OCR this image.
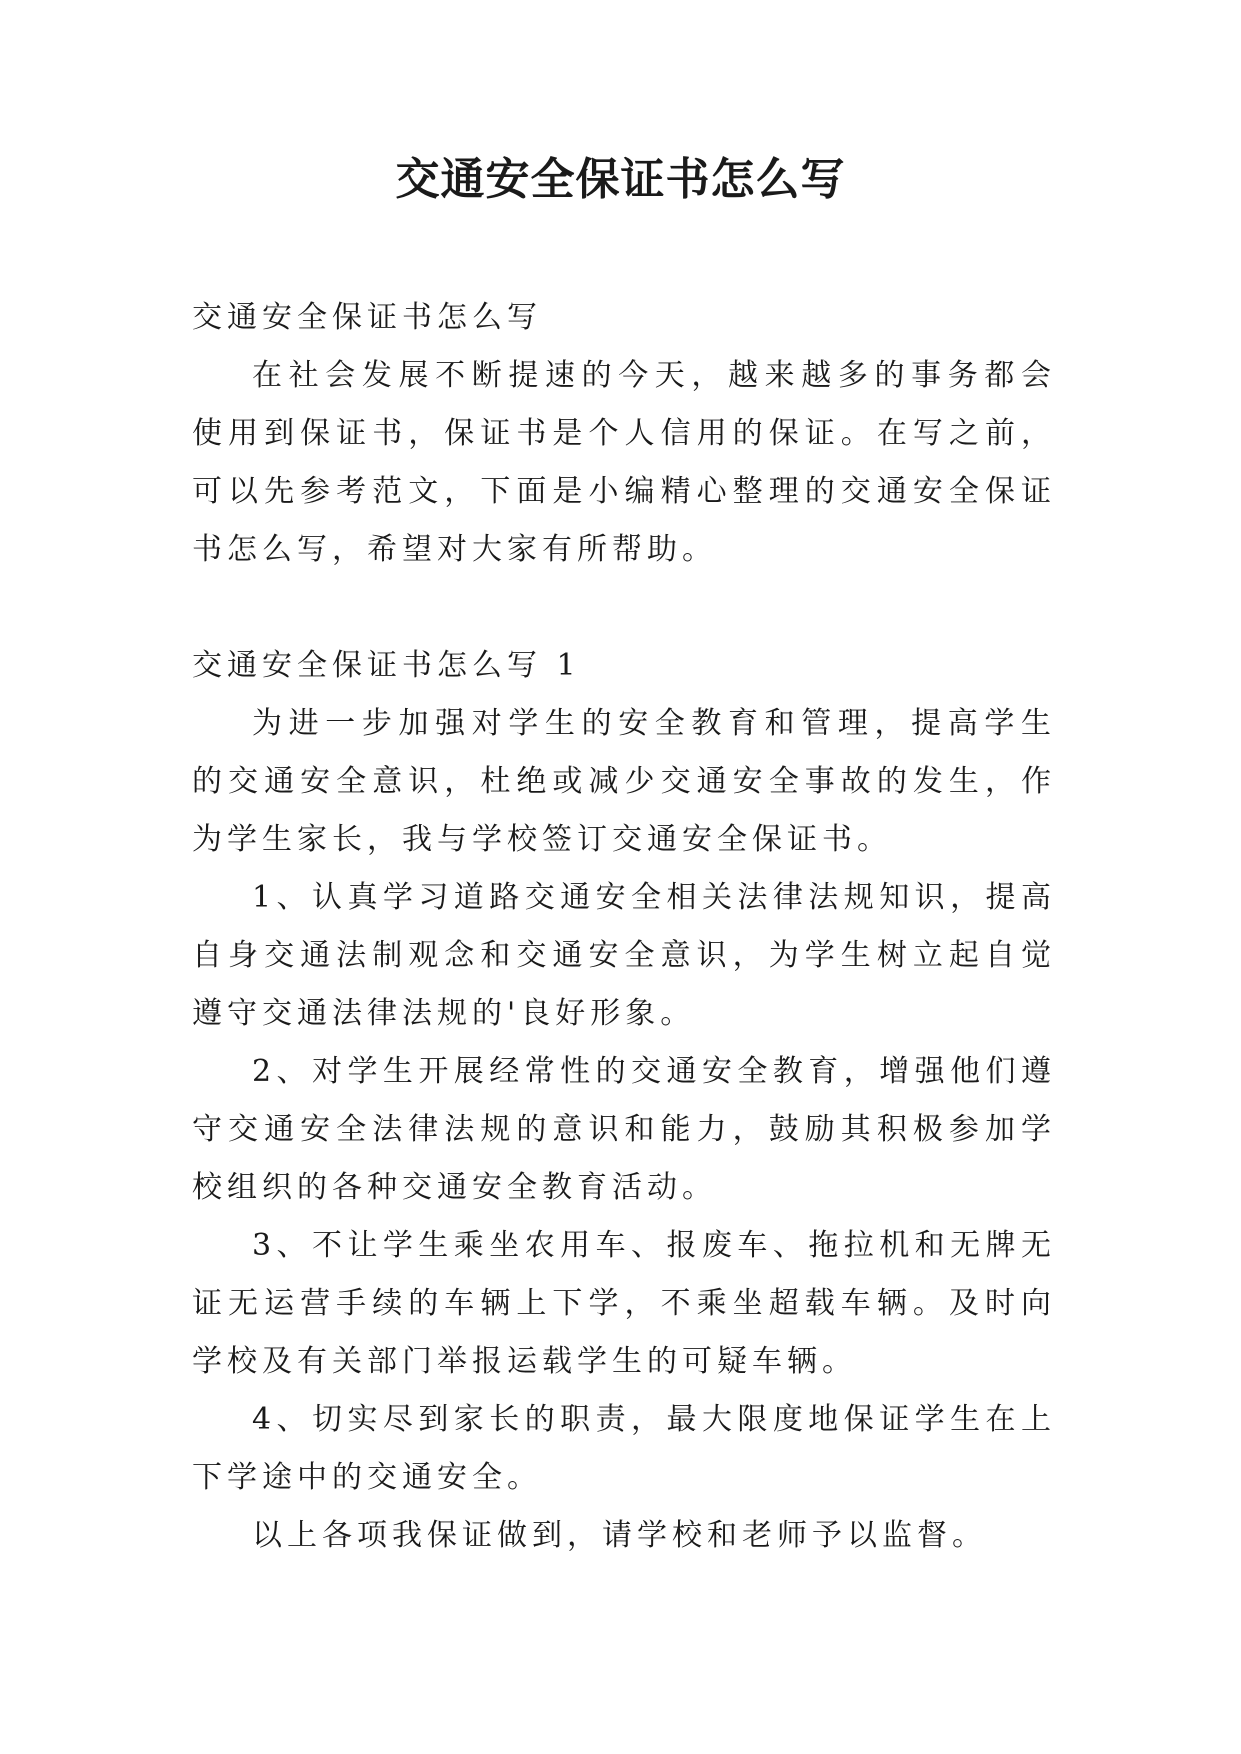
交通安全保证书怎么写

交通安全保证书怎么写

在社会发展不断提速的今天，越来越多的事务都会使用到保证书，保证书是个人信用的保证。在写之前，可以先参考范文，下面是小编精心整理的交通安全保证书怎么写，希望对大家有所帮助。

交通安全保证书怎么写 1

为进一步加强对学生的安全教育和管理，提高学生的交通安全意识，杜绝或减少交通安全事故的发生，作为学生家长，我与学校签订交通安全保证书。

1、认真学习道路交通安全相关法律法规知识，提高自身交通法制观念和交通安全意识，为学生树立起自觉遵守交通法律法规的'良好形象。

2、对学生开展经常性的交通安全教育，增强他们遵守交通安全法律法规的意识和能力，鼓励其积极参加学校组织的各种交通安全教育活动。

3、不让学生乘坐农用车、报废车、拖拉机和无牌无证无运营手续的车辆上下学，不乘坐超载车辆。及时向学校及有关部门举报运载学生的可疑车辆。

4、切实尽到家长的职责，最大限度地保证学生在上下学途中的交通安全。

以上各项我保证做到，请学校和老师予以监督。
